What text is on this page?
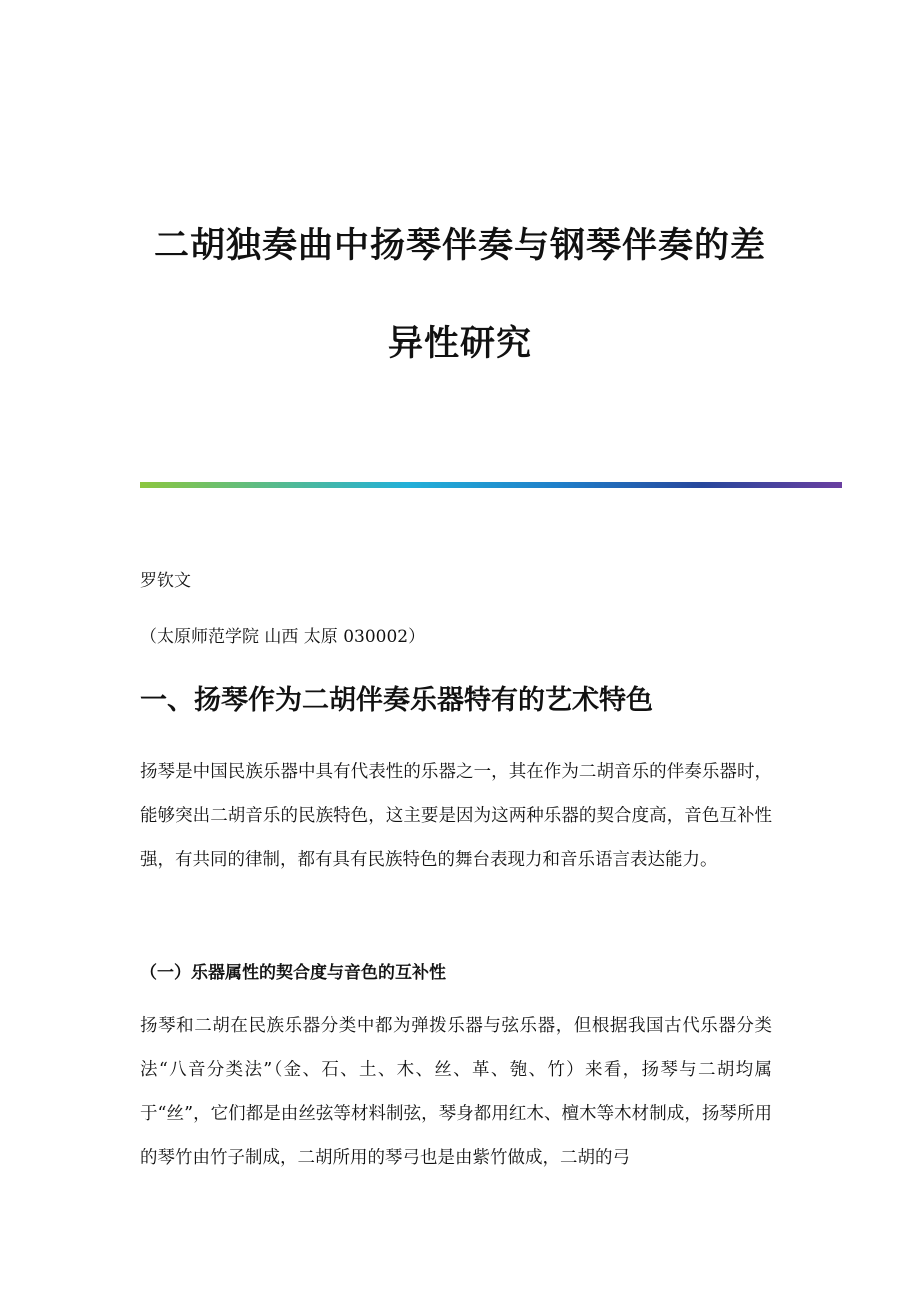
二胡独奏曲中扬琴伴奏与钢琴伴奏的差
异性研究

罗钦文

（太原师范学院 山西 太原 030002）

一、扬琴作为二胡伴奏乐器特有的艺术特色

扬琴是中国民族乐器中具有代表性的乐器之一，其在作为二胡音乐的伴奏乐器时，能够突出二胡音乐的民族特色，这主要是因为这两种乐器的契合度高，音色互补性强，有共同的律制，都有具有民族特色的舞台表现力和音乐语言表达能力。

（一）乐器属性的契合度与音色的互补性

扬琴和二胡在民族乐器分类中都为弹拨乐器与弦乐器，但根据我国古代乐器分类法“八音分类法”（金、石、土、木、丝、革、匏、竹）来看，扬琴与二胡均属于“丝”，它们都是由丝弦等材料制弦，琴身都用红木、檀木等木材制成，扬琴所用的琴竹由竹子制成，二胡所用的琴弓也是由紫竹做成，二胡的弓
